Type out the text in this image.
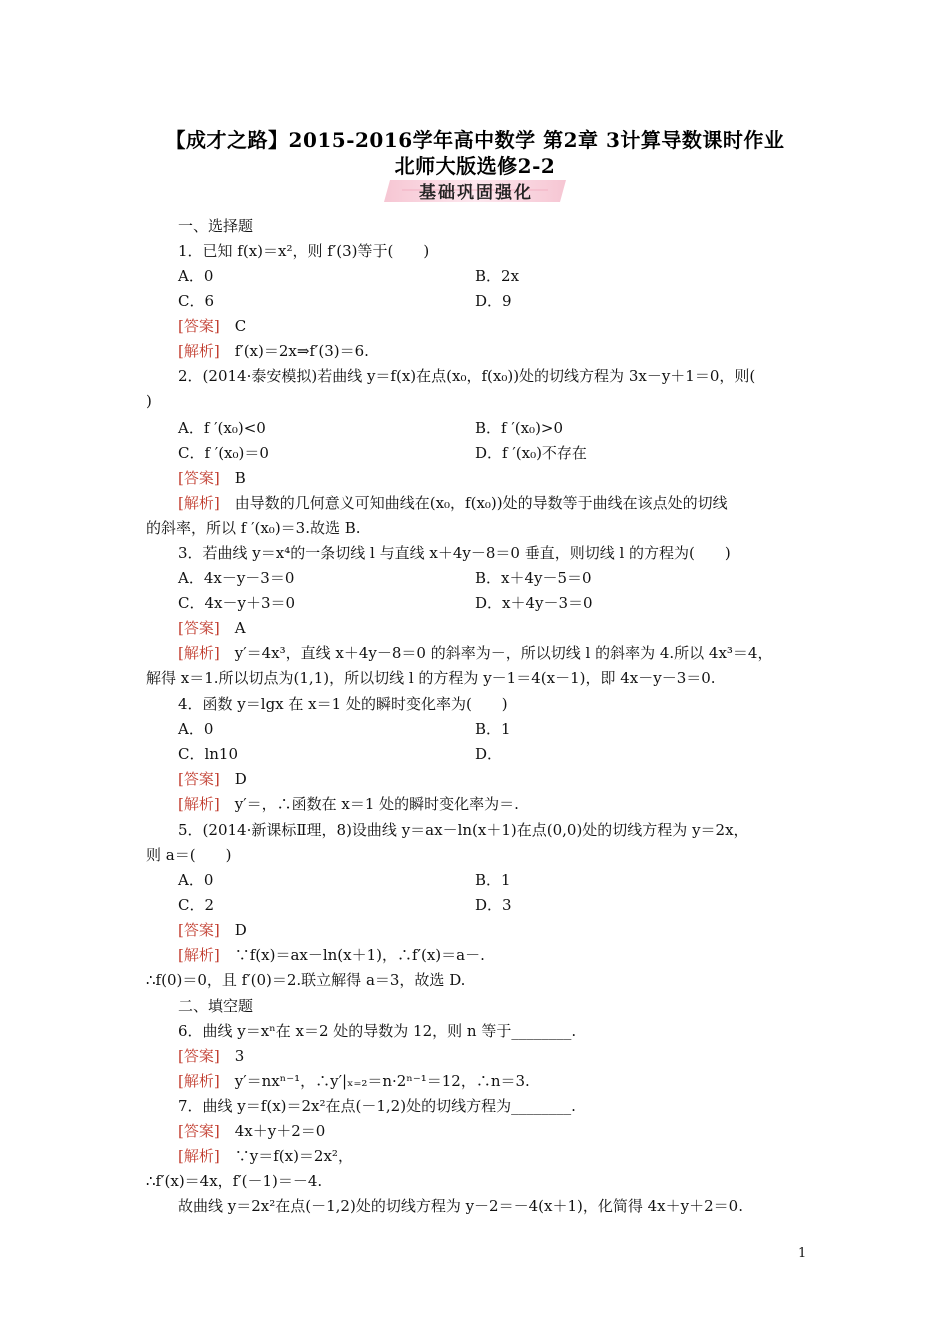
【成才之路】2015-2016学年高中数学 第2章 3计算导数课时作业
北师大版选修2-2
基础巩固强化
一、选择题
1．已知 f(x)＝x²，则 f′(3)等于(　　)
A．0	B．2x
C．6	D．9
[答案]　 C
[解析]　 f′(x)＝2x⇒f′(3)＝6.
2．(2014·泰安模拟)若曲线 y＝f(x)在点(x₀，f(x₀))处的切线方程为 3x－y＋1＝0，则(
)
A．f ′(x₀)<0	B．f ′(x₀)>0
C．f ′(x₀)＝0	D．f ′(x₀)不存在
[答案]　 B
[解析]　 由导数的几何意义可知曲线在(x₀，f(x₀))处的导数等于曲线在该点处的切线
的斜率，所以 f ′(x₀)＝3.故选 B.
3．若曲线 y＝x⁴的一条切线 l 与直线 x＋4y－8＝0 垂直，则切线 l 的方程为(　　)
A．4x－y－3＝0	B．x＋4y－5＝0
C．4x－y＋3＝0	D．x＋4y－3＝0
[答案]　 A
[解析]　 y′＝4x³，直线 x＋4y－8＝0 的斜率为－，所以切线 l 的斜率为 4.所以 4x³＝4，
解得 x＝1.所以切点为(1,1)，所以切线 l 的方程为 y－1＝4(x－1)，即 4x－y－3＝0.
4．函数 y＝lgx 在 x＝1 处的瞬时变化率为(　　)
A．0	B．1
C．ln10	D．
[答案]　 D
[解析]　 y′＝，∴函数在 x＝1 处的瞬时变化率为＝.
5．(2014·新课标Ⅱ理，8)设曲线 y＝ax－ln(x＋1)在点(0,0)处的切线方程为 y＝2x，
则 a＝(　　)
A．0	B．1
C．2	D．3
[答案]　 D
[解析]　 ∵f(x)＝ax－ln(x＋1)，∴f′(x)＝a－.
∴f(0)＝0，且 f′(0)＝2.联立解得 a＝3，故选 D.
二、填空题
6．曲线 y＝xⁿ在 x＝2 处的导数为 12，则 n 等于________.
[答案]　 3
[解析]　 y′＝nxⁿ⁻¹，∴y′|ₓ₌₂＝n·2ⁿ⁻¹＝12，∴n＝3.
7．曲线 y＝f(x)＝2x²在点(－1,2)处的切线方程为________.
[答案]　 4x＋y＋2＝0
[解析]　 ∵y＝f(x)＝2x²，
∴f′(x)＝4x，f′(－1)＝－4.
故曲线 y＝2x²在点(－1,2)处的切线方程为 y－2＝－4(x＋1)，化简得 4x＋y＋2＝0.
1
